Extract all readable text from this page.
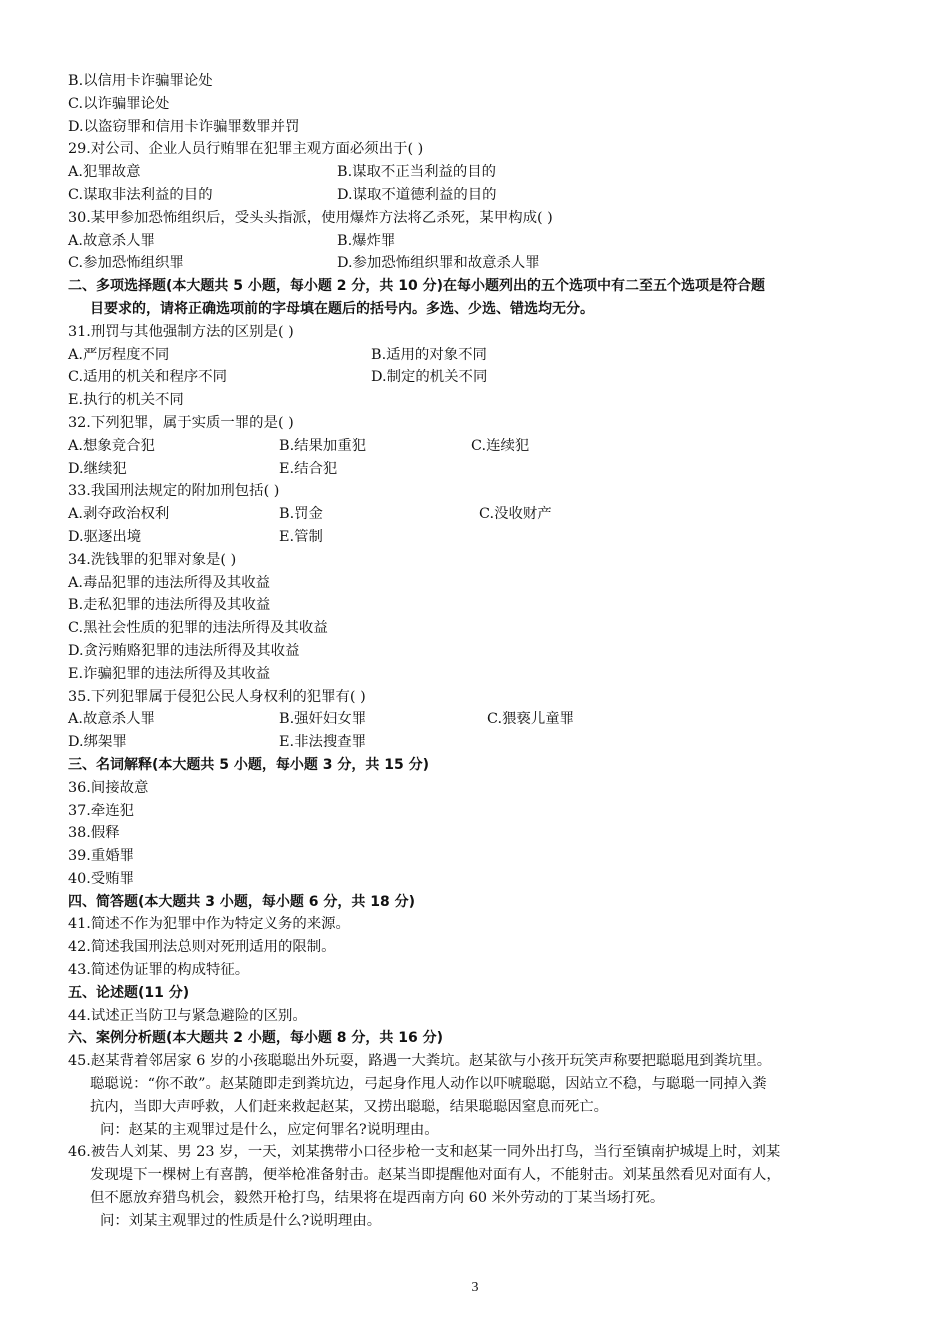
B.以信用卡诈骗罪论处
C.以诈骗罪论处
D.以盗窃罪和信用卡诈骗罪数罪并罚
29.对公司、企业人员行贿罪在犯罪主观方面必须出于( )
A.犯罪故意	B.谋取不正当利益的目的
C.谋取非法利益的目的	D.谋取不道德利益的目的
30.某甲参加恐怖组织后，受头头指派，使用爆炸方法将乙杀死，某甲构成( )
A.故意杀人罪	B.爆炸罪
C.参加恐怖组织罪	D.参加恐怖组织罪和故意杀人罪
二、多项选择题(本大题共 5 小题，每小题 2 分，共 10 分)在每小题列出的五个选项中有二至五个选项是符合题
目要求的，请将正确选项前的字母填在题后的括号内。多选、少选、错选均无分。
31.刑罚与其他强制方法的区别是( )
A.严厉程度不同	B.适用的对象不同
C.适用的机关和程序不同	D.制定的机关不同
E.执行的机关不同
32.下列犯罪，属于实质一罪的是( )
A.想象竞合犯	B.结果加重犯	C.连续犯
D.继续犯	E.结合犯
33.我国刑法规定的附加刑包括( )
A.剥夺政治权利	B.罚金	C.没收财产
D.驱逐出境	E.管制
34.洗钱罪的犯罪对象是( )
A.毒品犯罪的违法所得及其收益
B.走私犯罪的违法所得及其收益
C.黑社会性质的犯罪的违法所得及其收益
D.贪污贿赂犯罪的违法所得及其收益
E.诈骗犯罪的违法所得及其收益
35.下列犯罪属于侵犯公民人身权利的犯罪有( )
A.故意杀人罪	B.强奸妇女罪	C.猥亵儿童罪
D.绑架罪	E.非法搜查罪
三、名词解释(本大题共 5 小题，每小题 3 分，共 15 分)
36.间接故意
37.牵连犯
38.假释
39.重婚罪
40.受贿罪
四、简答题(本大题共 3 小题，每小题 6 分，共 18 分)
41.简述不作为犯罪中作为特定义务的来源。
42.简述我国刑法总则对死刑适用的限制。
43.简述伪证罪的构成特征。
五、论述题(11 分)
44.试述正当防卫与紧急避险的区别。
六、案例分析题(本大题共 2 小题，每小题 8 分，共 16 分)
45.赵某背着邻居家 6 岁的小孩聪聪出外玩耍，路遇一大粪坑。赵某欲与小孩开玩笑声称要把聪聪甩到粪坑里。
聪聪说：“你不敢”。赵某随即走到粪坑边，弓起身作甩人动作以吓唬聪聪，因站立不稳，与聪聪一同掉入粪
抗内，当即大声呼救，人们赶来救起赵某，又捞出聪聪，结果聪聪因窒息而死亡。
问：赵某的主观罪过是什么，应定何罪名?说明理由。
46.被告人刘某、男 23 岁，一天，刘某携带小口径步枪一支和赵某一同外出打鸟，当行至镇南护城堤上时，刘某
发现堤下一棵树上有喜鹊，便举枪准备射击。赵某当即提醒他对面有人，不能射击。刘某虽然看见对面有人，
但不愿放弃猎鸟机会，毅然开枪打鸟，结果将在堤西南方向 60 米外劳动的丁某当场打死。
问：刘某主观罪过的性质是什么?说明理由。
3
